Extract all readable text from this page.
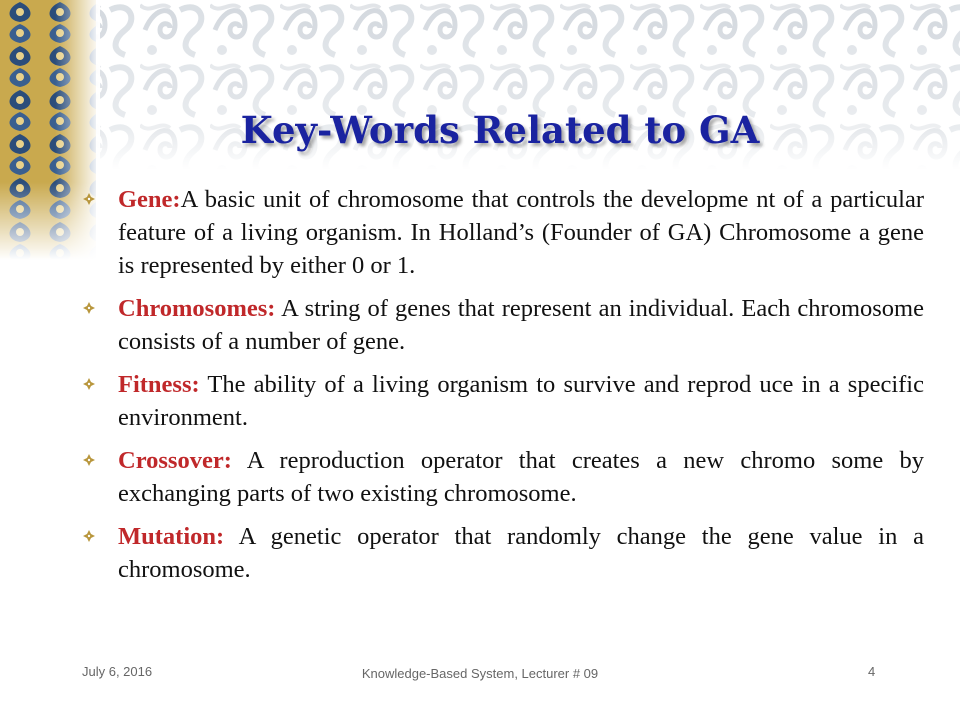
Key-Words Related to GA
Gene:A basic unit of chromosome that controls the developme nt of a particular feature of a living organism. In Holland’s (Founder of GA) Chromosome a gene is represented by either 0 or 1.
Chromosomes: A string of genes that represent an individual. Each chromosome consists of a number of gene.
Fitness: The ability of a living organism to survive and reprod uce in a specific environment.
Crossover: A reproduction operator that creates a new chromo some by exchanging parts of two existing chromosome.
Mutation: A genetic operator that randomly change the gene value in a chromosome.
July 6, 2016	Knowledge-Based System, Lecturer # 09	4
